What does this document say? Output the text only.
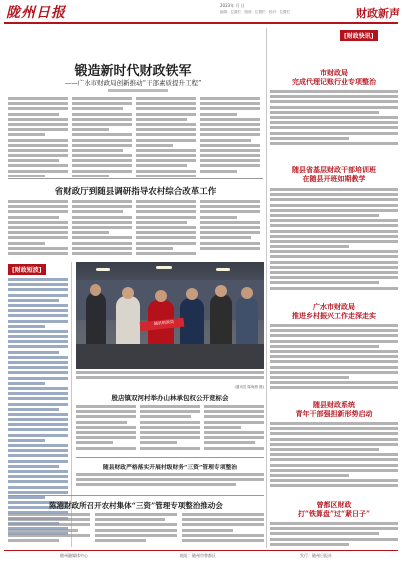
陇州日报	2023年 月 日
编辑：位置栏　版面：位置栏　校对：位置栏	财政新声
锻造新时代财政铁军
——广水市财政局创新推动“干部素质提升工程”
省财政厅到随县调研指导农村综合改革工作
[财政快讯]
市财政局
完成代理记账行业专项整治
随县省基层财政干部培训班
在随县开班如期教学
广水市财政局
推进乡村振兴工作走深走实
随县财政系统
青年干部强担新形势启动
曾都区财政
打“铁算盘”过“紧日子”
[财政短波]
随县财政局
(通讯员 陈海燕 摄)
殷店镇双河村举办山林承包权公开竞标会
随县财政严格落实开展村级财务“三资”管理专项整治
陈港财政所召开农村集体“三资”管理专项整治推动会
随州融媒体中心	地址：随州市曾都区	发行：随州日报社
